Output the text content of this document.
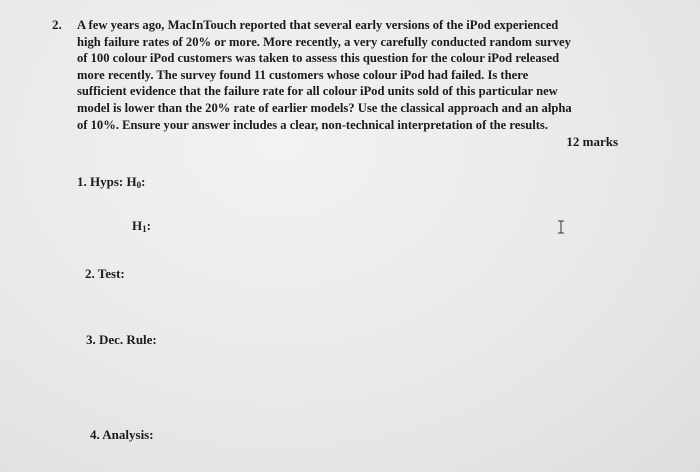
2. A few years ago, MacInTouch reported that several early versions of the iPod experienced
high failure rates of 20% or more. More recently, a very carefully conducted random survey
of 100 colour iPod customers was taken to assess this question for the colour iPod released
more recently. The survey found 11 customers whose colour iPod had failed. Is there
sufficient evidence that the failure rate for all colour iPod units sold of this particular new
model is lower than the 20% rate of earlier models? Use the classical approach and an alpha
of 10%. Ensure your answer includes a clear, non-technical interpretation of the results.
12 marks
1. Hyps: $H_0$:
$H_1$:
2. Test:
3. Dec. Rule:
4. Analysis:
